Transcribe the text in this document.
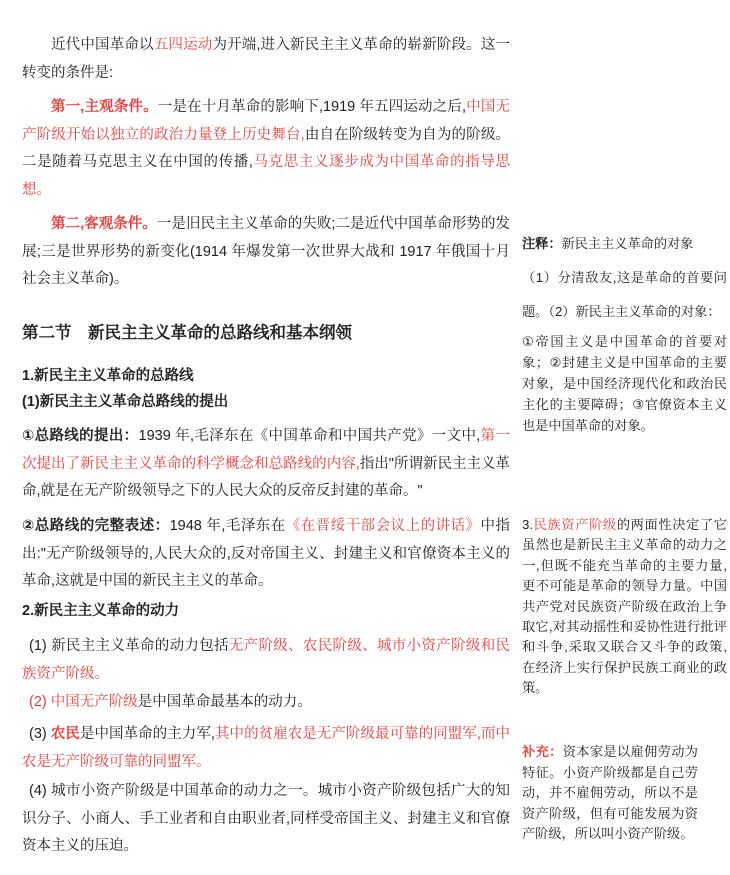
近代中国革命以五四运动为开端,进入新民主主义革命的崭新阶段。这一转变的条件是:

第一,主观条件。一是在十月革命的影响下,1919 年五四运动之后,中国无产阶级开始以独立的政治力量登上历史舞台,由自在阶级转变为自为的阶级。二是随着马克思主义在中国的传播,马克思主义逐步成为中国革命的指导思想。

第二,客观条件。一是旧民主主义革命的失败;二是近代中国革命形势的发展;三是世界形势的新变化(1914 年爆发第一次世界大战和 1917 年俄国十月社会主义革命)。

第二节　新民主主义革命的总路线和基本纲领
1.新民主主义革命的总路线
(1)新民主主义革命总路线的提出

①总路线的提出：1939 年,毛泽东在《中国革命和中国共产党》一文中,第一次提出了新民主主义革命的科学概念和总路线的内容,指出"所谓新民主主义革命,就是在无产阶级领导之下的人民大众的反帝反封建的革命。"

②总路线的完整表述：1948 年,毛泽东在《在晋绥干部会议上的讲话》中指出:"无产阶级领导的,人民大众的,反对帝国主义、封建主义和官僚资本主义的革命,这就是中国的新民主主义的革命。

2.新民主主义革命的动力

(1) 新民主主义革命的动力包括无产阶级、农民阶级、城市小资产阶级和民族资产阶级。

(2) 中国无产阶级是中国革命最基本的动力。

(3) 农民是中国革命的主力军,其中的贫雇农是无产阶级最可靠的同盟军,而中农是无产阶级可靠的同盟军。

(4) 城市小资产阶级是中国革命的动力之一。城市小资产阶级包括广大的知识分子、小商人、手工业者和自由职业者,同样受帝国主义、封建主义和官僚资本主义的压迫。

注释：新民主主义革命的对象

（1）分清敌友,这是革命的首要问题。（2）新民主主义革命的对象：

①帝国主义是中国革命的首要对象；②封建主义是中国革命的主要对象，是中国经济现代化和政治民主化的主要障碍；③官僚资本主义也是中国革命的对象。

3.民族资产阶级的两面性决定了它虽然也是新民主主义革命的动力之一,但既不能充当革命的主要力量,更不可能是革命的领导力量。中国共产党对民族资产阶级在政治上争取它,对其动摇性和妥协性进行批评和斗争,采取又联合又斗争的政策,在经济上实行保护民族工商业的政策。

补充：资本家是以雇佣劳动为特征。小资产阶级都是自己劳动，并不雇佣劳动，所以不是资产阶级，但有可能发展为资产阶级，所以叫小资产阶级。
